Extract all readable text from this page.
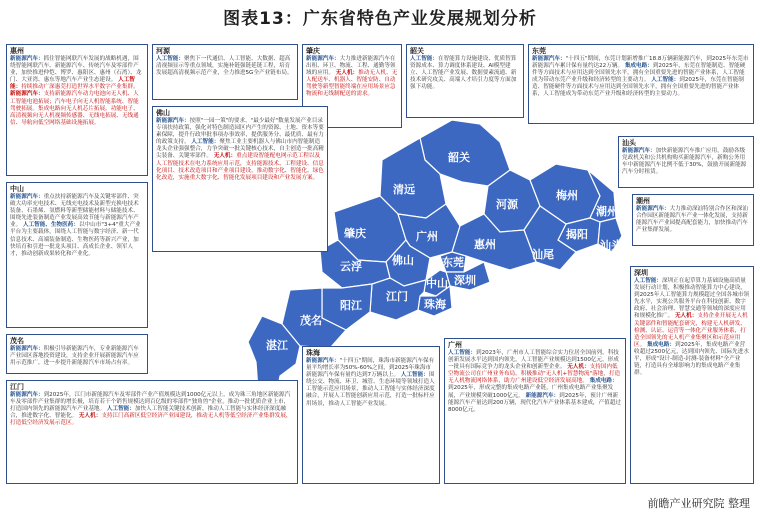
图表13：广东省特色产业发展规划分析
韶关
清远
河源
梅州
潮州
揭阳
汕头
汕尾
肇庆	广州
惠州
东莞
深圳
中山
佛山
珠海
江门
云浮
阳江
茂名
湛江
惠州
新能源汽车：抓住智能网联汽车发展的战略机遇，围绕智能网联汽车、新能源汽车、传统汽车及零部件产业，加快推进仲恺、博罗、惠阳区、惠州（石湾）、龙门、大亚湾、惠东等地汽车产业生态建设。 人工智能：持续推动广深惠莞打造世界水平数字产业集群。 新能源汽车：支持新能源汽车动力电池向无人机、人工智能电池拓展；汽车电子向无人机智能系统、智能驾驶拓展。集成电路向无人机芯片拓展，功能电子、高清视频向无人机视频传感器、无线电拓展、无线通信、导航向低空网络基础设施拓展。
河源
人工智能：聚焦下一代通信、人工智能、大数据、超高清视频显示等重点领域，实施补链强链延链工程，培育发展超高清视频示范产业，全力推进5G全产业链布局。
肇庆
新能源汽车：大力推进新能源汽车在出租、环卫、物流、工程、通勤等领域的应用。 无人机：推动无人机、无人配送车、机器人、智能安防、自动驾驶等新型智能终端在应用场景应急物流和无线制配送的需求。
韶关
人工智能：在智能算力设施建设、优质智算资源成本、算力调度体系建设、AI模型建立、人工智能产业发展、数据要素流通、新技术研究攻关、高端人才培引力度等方面加强下功能。
东莞
新能源汽车："十四五"期间，东莞计划新增推广18.8万辆新能源汽车，到2025年东莞市新能源汽车累计保有量约达22万辆。 集成电路：到2025年，东莞在智能制造、智能硬件等方面技术与应用达到全国领先水平，拥有全国重要先进的智能产业体系，人工智能成为带动东莞产业升级和经济转型的主要动力。 人工智能：到2025年，东莞在智能制造、智能硬件等方面技术与应用达到全国领先水平，拥有全国重要先进的智能产业体系，人工智能成为带动东莞产业升级和经济转型的主要动力。
佛山
新能源汽车：按照"一园一策"的要求，"最少最好"数量发展产业目录专项扶持政策，强化对特色制造园区内产生的资源、土地、资本等要素保障，提升行政审批事项办事效率，提供服务分、最优质、最有力的政策支持。 人工智能：聚焦工业主要机器人与佛山市内智能制造龙头企业强强整合，力争突破一批关键核心技术，自主创造一批高精尖装备、关键零部件。 无人机：重点建设智能配电网示范工程以及人工智能技术在电力系统应用示范，支持能源技术、工程建设、信息化项目、技术改造项目和产业项目建设，推动数字化、智能化、绿色化改造，实施重大数字化、智能化发展项目建设和产业发展方案。
汕头
新能源汽车：加快新能源汽车推广应用，鼓励各级党政机关和公共机构购买新能源汽车，新购公务用车中新能源汽车比例不低于30%，鼓励开展新能源汽车分时租赁。
中山
新能源汽车：重点扶持新能源汽车及关键零部件、突破大功率充电技术、无线充电技术及新型充换电技术装备、石墨烯、氢燃料等新型储能材料与储能技术、围绕先进装备制造产业发展高效节能与新能源汽车产业。 人工智能、生物医药：以中山市"3+4"重大产业平台为主要载体，围绕人工智能与数字经济、新一代信息技术、高端装备制造、生物医药等新兴产业，加快培育和引进一批龙头项目、高成长企业、领军人才，推动创新成果转化和产业化。
潮州
新能源汽车：大力推动深汕特别合作区和深汕合作园区新能源汽车产业一体化发展，支持新能源汽车产业园提高配套能力，加快推动汽车产业集群发展。
深圳
人工智能：深圳正在起草算力基础设施高质量发展行动计划，积极推动智能算力中心建设，到2025年人工智能算力规模超过全国各城市领先水平，实现公共服务平台在科技创新、数字政府、社会治理、智慧交通等领域的深度应用和规模化推广。 无人机：支持企业开展无人机关键部件和智能配套研究，构建无人机研发、检测、认证、运营等一体化产业服务体系，打造全国领先的无人机产业集聚区和示范应用区。 集成电路：到2025年，集成电路产业营收超过2500亿元，达到国内领先、国际先进水平，形成"设计-制造-封测-装备材料"全产业链，打造具有全球影响力的集成电路产业集群。
茂名
新能源汽车：积极引导新能源汽车，专业新能源汽车产业园区落地投资建设，支持企业开展新能源汽车应用示范推广，进一步提升新能源汽车市场占有率。
珠海
新能源汽车："十四五"期间，珠海市新能源汽车保有量平均增长率为50%-60%之间，到2025年珠海市新能源汽车保有量约达到7万辆以上。 人工智能：围绕公交、物流、环卫、城管、生态环境等领域打造人工智能示范应用场景，推动人工智能与实体经济深度融合，开展人工智能创新应用示范，打造一批标杆应用场景，推动人工智能产业发展。
广州
人工智能：到2023年，广州市人工智能综合实力位居全国前列，科技创新发展水平达到国内领先，人工智能产业规模达到1500亿元，形成一批具有国际竞争力的龙头企业和创新型企业。 无人机：支持国内低空物流公司在广州业务布局，积极推动"无人机+智慧物流"落地，打造无人机物流网络体系，助力广州建设低空经济发展高地。 集成电路：到2025年，形成完整的集成电路产业链，广州集成电路产业集聚发展，产业规模突破1000亿元。 新能源汽车：到2025年，预计广州新能源汽车产量达到200万辆，现代化汽车产业体系基本建成，产值超过8000亿元。
江门
新能源汽车：到2025年，江门市新能源汽车及零部件产业产值规模达到1000亿元以上，成为珠三角地区新能源汽车及零部件产业集群的增长极，培育若干个销售规模达到百亿级的零部件"独角兽"企业，推动一批优质企业上市，打造国内领先的新能源汽车产业基地。 人工智能：加快人工智能关键技术创新，推动人工智能与实体经济深度融合，推进数字化、智能化。 无人机：支持江门高新区低空经济产业园建设，推动无人机等低空经济产业集群发展，打造低空经济发展示范区。
前瞻产业研究院 整理
